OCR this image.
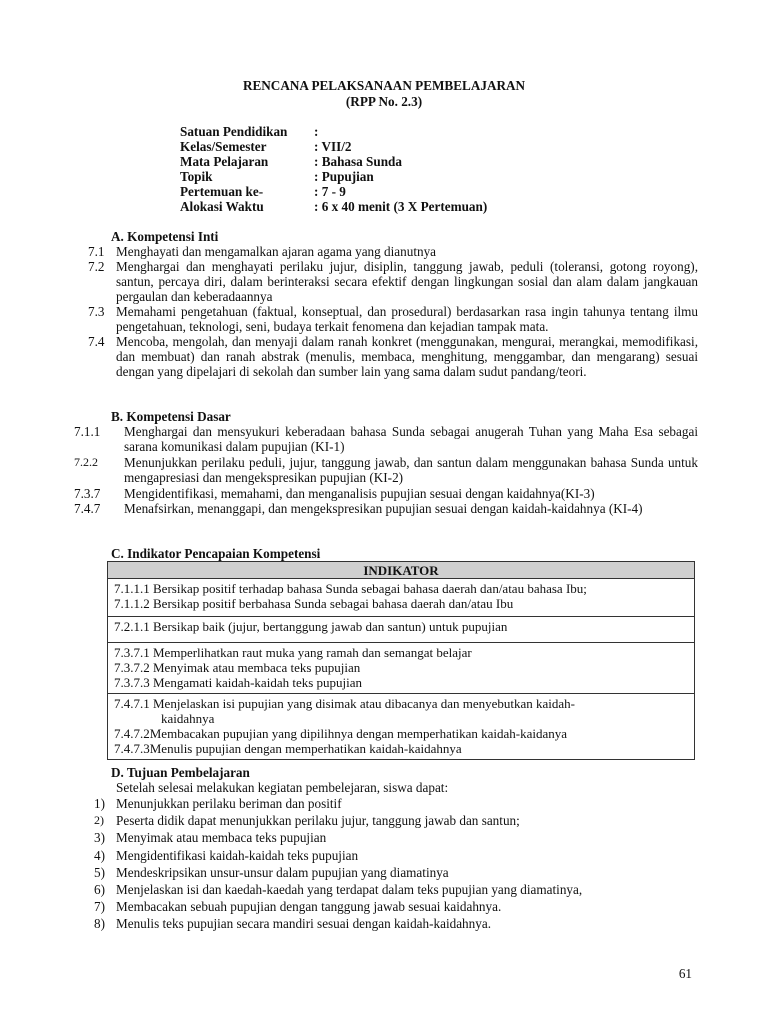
RENCANA PELAKSANAAN PEMBELAJARAN
(RPP No. 2.3)
Satuan Pendidikan :
Kelas/Semester	: VII/2
Mata Pelajaran	: Bahasa Sunda
Topik	: Pupujian
Pertemuan ke-	: 7 - 9
Alokasi Waktu	: 6 x 40 menit (3 X Pertemuan)
A. Kompetensi Inti
7.1 Menghayati dan mengamalkan ajaran agama yang dianutnya
7.2 Menghargai dan menghayati perilaku jujur, disiplin, tanggung jawab, peduli (toleransi, gotong royong), santun, percaya diri, dalam berinteraksi secara efektif dengan lingkungan sosial dan alam dalam jangkauan pergaulan dan keberadaannya
7.3 Memahami pengetahuan (faktual, konseptual, dan prosedural) berdasarkan rasa ingin tahunya tentang ilmu pengetahuan, teknologi, seni, budaya terkait fenomena dan kejadian tampak mata.
7.4 Mencoba, mengolah, dan menyaji dalam ranah konkret (menggunakan, mengurai, merangkai, memodifikasi, dan membuat) dan ranah abstrak (menulis, membaca, menghitung, menggambar, dan mengarang) sesuai dengan yang dipelajari di sekolah dan sumber lain yang sama dalam sudut pandang/teori.
B. Kompetensi Dasar
7.1.1 Menghargai dan mensyukuri keberadaan bahasa Sunda sebagai anugerah Tuhan yang Maha Esa sebagai sarana komunikasi dalam pupujian (KI-1)
7.2.2 Menunjukkan perilaku peduli, jujur, tanggung jawab, dan santun dalam menggunakan bahasa Sunda untuk mengapresiasi dan mengekspresikan pupujian (KI-2)
7.3.7 Mengidentifikasi, memahami, dan menganalisis pupujian sesuai dengan kaidahnya(KI-3)
7.4.7 Menafsirkan, menanggapi, dan mengekspresikan pupujian sesuai dengan kaidah-kaidahnya (KI-4)
C. Indikator Pencapaian Kompetensi
INDIKATOR

7.1.1.1 Bersikap positif terhadap bahasa Sunda sebagai bahasa daerah dan/atau bahasa Ibu;
7.1.1.2 Bersikap positif berbahasa Sunda sebagai bahasa daerah dan/atau Ibu

7.2.1.1 Bersikap baik (jujur, bertanggung jawab dan santun) untuk pupujian

7.3.7.1 Memperlihatkan raut muka yang ramah dan semangat belajar
7.3.7.2 Menyimak atau membaca teks pupujian
7.3.7.3 Mengamati kaidah-kaidah teks pupujian

7.4.7.1 Menjelaskan isi pupujian yang disimak atau dibacanya dan menyebutkan kaidah-
kaidahnya
7.4.7.2Membacakan pupujian yang dipilihnya dengan memperhatikan kaidah-kaidanya
7.4.7.3Menulis pupujian dengan memperhatikan kaidah-kaidahnya
D. Tujuan Pembelajaran
Setelah selesai melakukan kegiatan pembelejaran, siswa dapat:
1) Menunjukkan perilaku beriman dan positif
2) Peserta didik dapat menunjukkan perilaku jujur, tanggung jawab dan santun;
3) Menyimak atau membaca teks pupujian
4) Mengidentifikasi kaidah-kaidah teks pupujian
5) Mendeskripsikan unsur-unsur dalam pupujian yang diamatinya
6) Menjelaskan isi dan kaedah-kaedah yang terdapat dalam teks pupujian yang diamatinya,
7) Membacakan sebuah pupujian dengan tanggung jawab sesuai kaidahnya.
8) Menulis teks pupujian secara mandiri sesuai dengan kaidah-kaidahnya.
61
